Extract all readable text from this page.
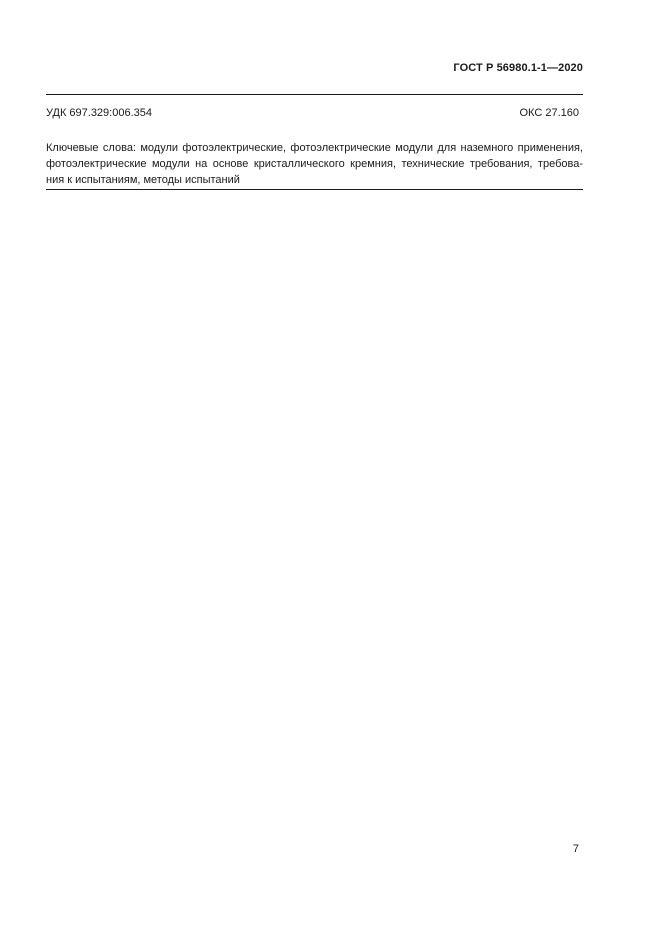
ГОСТ Р 56980.1-1—2020
УДК 697.329:006.354	ОКС 27.160
Ключевые слова: модули фотоэлектрические, фотоэлектрические модули для наземного применения,
фотоэлектрические модули на основе кристаллического кремния, технические требования, требова-
ния к испытаниям, методы испытаний
7
